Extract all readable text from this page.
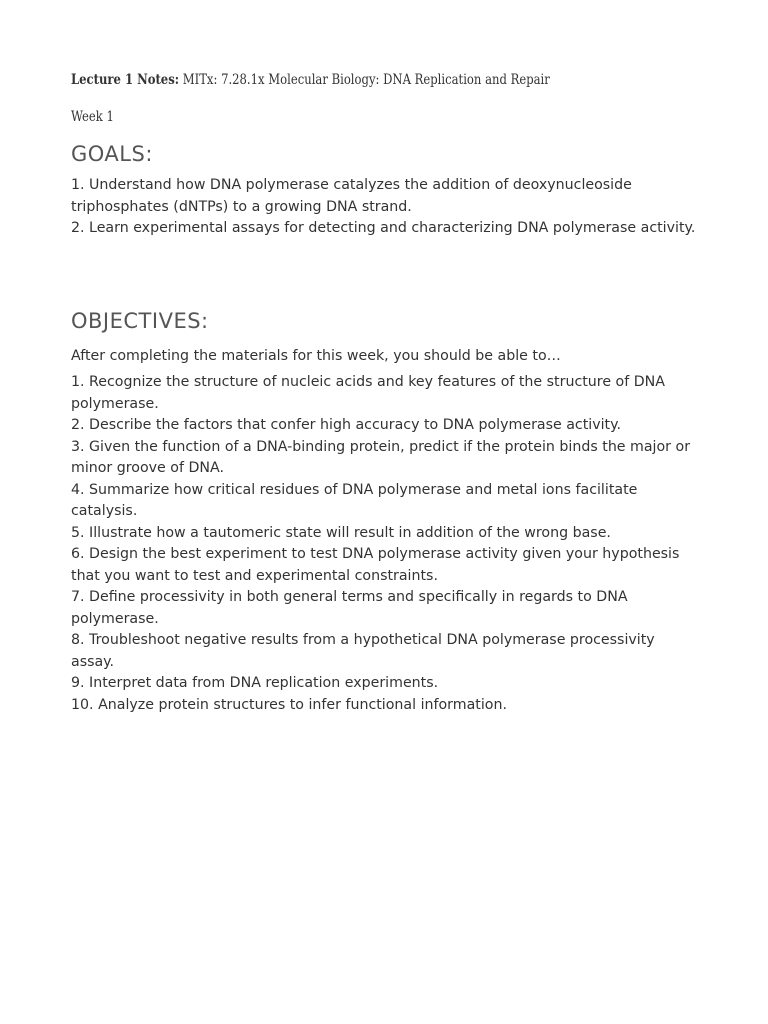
Lecture 1 Notes: MITx: 7.28.1x Molecular Biology: DNA Replication and Repair
Week 1
GOALS:
1. Understand how DNA polymerase catalyzes the addition of deoxynucleoside triphosphates (dNTPs) to a growing DNA strand.
2. Learn experimental assays for detecting and characterizing DNA polymerase activity.
OBJECTIVES:
After completing the materials for this week, you should be able to…
1. Recognize the structure of nucleic acids and key features of the structure of DNA polymerase.
2. Describe the factors that confer high accuracy to DNA polymerase activity.
3. Given the function of a DNA-binding protein, predict if the protein binds the major or minor groove of DNA.
4. Summarize how critical residues of DNA polymerase and metal ions facilitate catalysis.
5. Illustrate how a tautomeric state will result in addition of the wrong base.
6. Design the best experiment to test DNA polymerase activity given your hypothesis that you want to test and experimental constraints.
7. Define processivity in both general terms and specifically in regards to DNA polymerase.
8. Troubleshoot negative results from a hypothetical DNA polymerase processivity assay.
9. Interpret data from DNA replication experiments.
10. Analyze protein structures to infer functional information.
